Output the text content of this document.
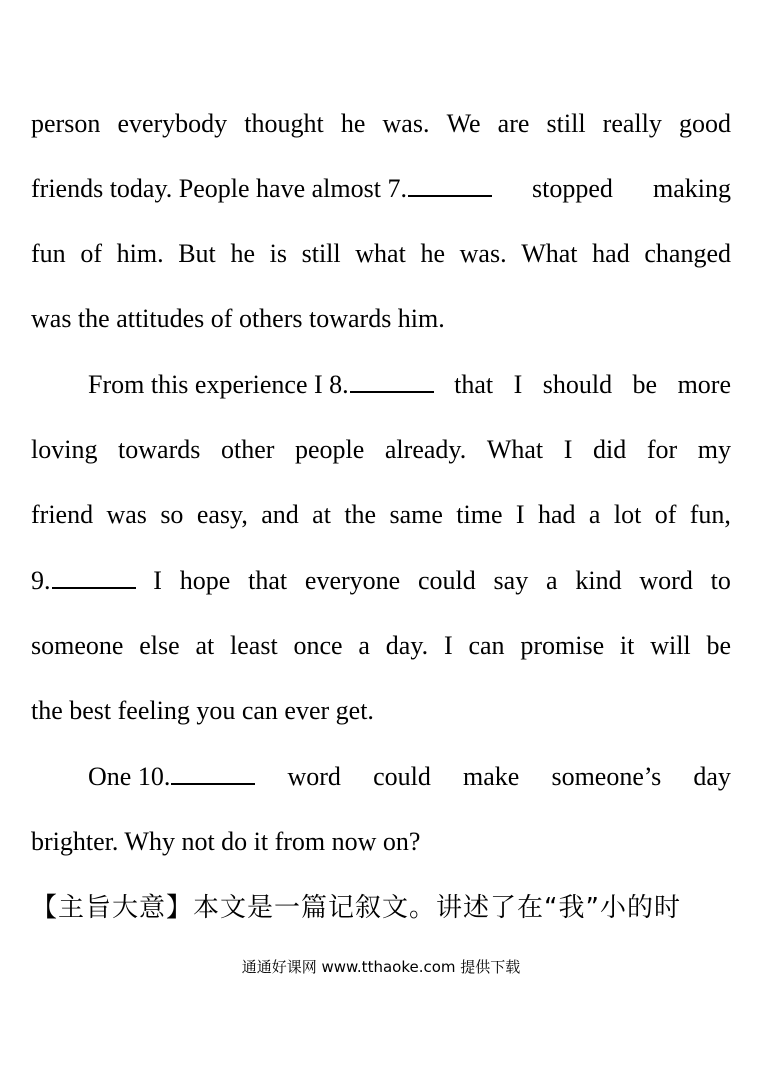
person everybody thought he was. We are still really good
friends today. People have almost 7.	stopped making
fun of him. But he is still what he was. What had changed
was the attitudes of others towards him.
From this experience I 8.	that I should be more
loving towards other people already. What I did for my
friend was so easy, and at the same time I had a lot of fun,
9.	I hope that everyone could say a kind word to
someone else at least once a day. I can promise it will be
the best feeling you can ever get.
One 10.	word could make someone’s day
brighter. Why not do it from now on?
【主旨大意】本文是一篇记叙文。讲述了在“我”小的时
通通好课网 www.tthaoke.com 提供下载
